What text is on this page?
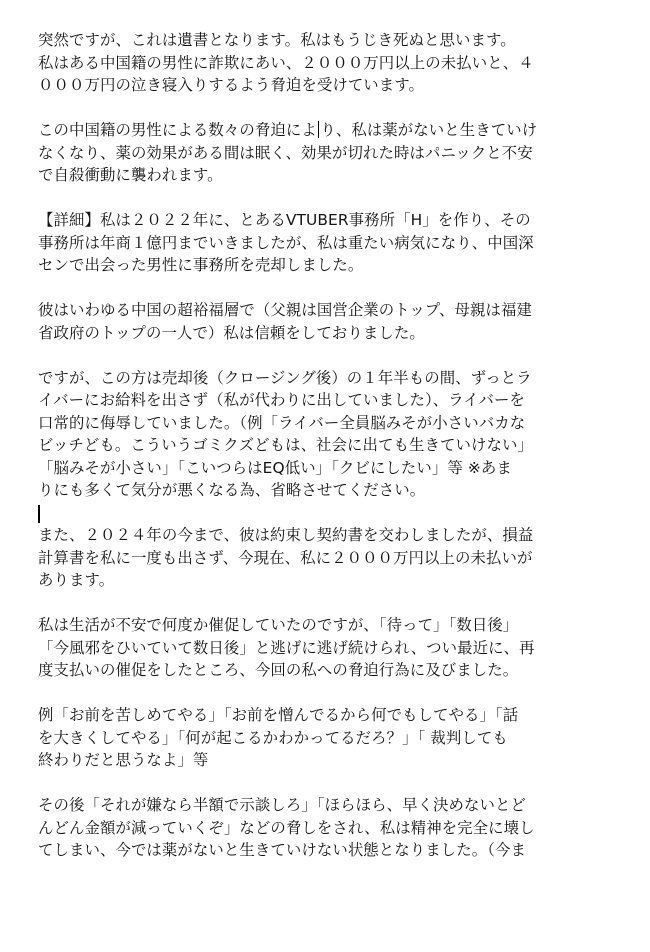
突然ですが、これは遺書となります。私はもうじき死ぬと思います。
私はある中国籍の男性に詐欺にあい、２０００万円以上の未払いと、４
０００万円の泣き寝入りするよう脅迫を受けています。
この中国籍の男性による数々の脅迫によ り、私は薬がないと生きていけ
なくなり、薬の効果がある間は眠く、効果が切れた時はパニックと不安
で自殺衝動に襲われます。
【詳細】私は２０２２年に、とあるVTUBER事務所「H」を作り、その
事務所は年商１億円までいきましたが、私は重たい病気になり、中国深
センで出会った男性に事務所を売却しました。
彼はいわゆる中国の超裕福層で（父親は国営企業のトップ、母親は福建
省政府のトップの一人で）私は信頼をしておりました。
ですが、この方は売却後（クロージング後）の１年半もの間、ずっとラ
イバーにお給料を出さず（私が代わりに出していました）、ライバーを
口常的に侮辱していました。（例「ライバー全員脳みそが小さいバカな
ビッチども。こういうゴミクズどもは、社会に出ても生きていけない」
「脳みそが小さい」「こいつらはEQ低い」「クビにしたい」等 ※あま
りにも多くて気分が悪くなる為、省略させてください。
また、２０２４年の今まで、彼は約束し契約書を交わしましたが、損益
計算書を私に一度も出さず、今現在、私に２０００万円以上の未払いが
あります。
私は生活が不安で何度か催促していたのですが、「待って」「数日後」
「今風邪をひいていて数日後」と逃げに逃げ続けられ、つい最近に、再
度支払いの催促をしたところ、今回の私への脅迫行為に及びました。
例「お前を苦しめてやる」「お前を憎んでるから何でもしてやる」「話
を大きくしてやる」「何が起こるかわかってるだろ？」「 裁判しても
終わりだと思うなよ」等
その後「それが嫌なら半額で示談しろ」「ほらほら、早く決めないとど
んどん金額が減っていくぞ」などの脅しをされ、私は精神を完全に壊し
てしまい、今では薬がないと生きていけない状態となりました。（今ま
